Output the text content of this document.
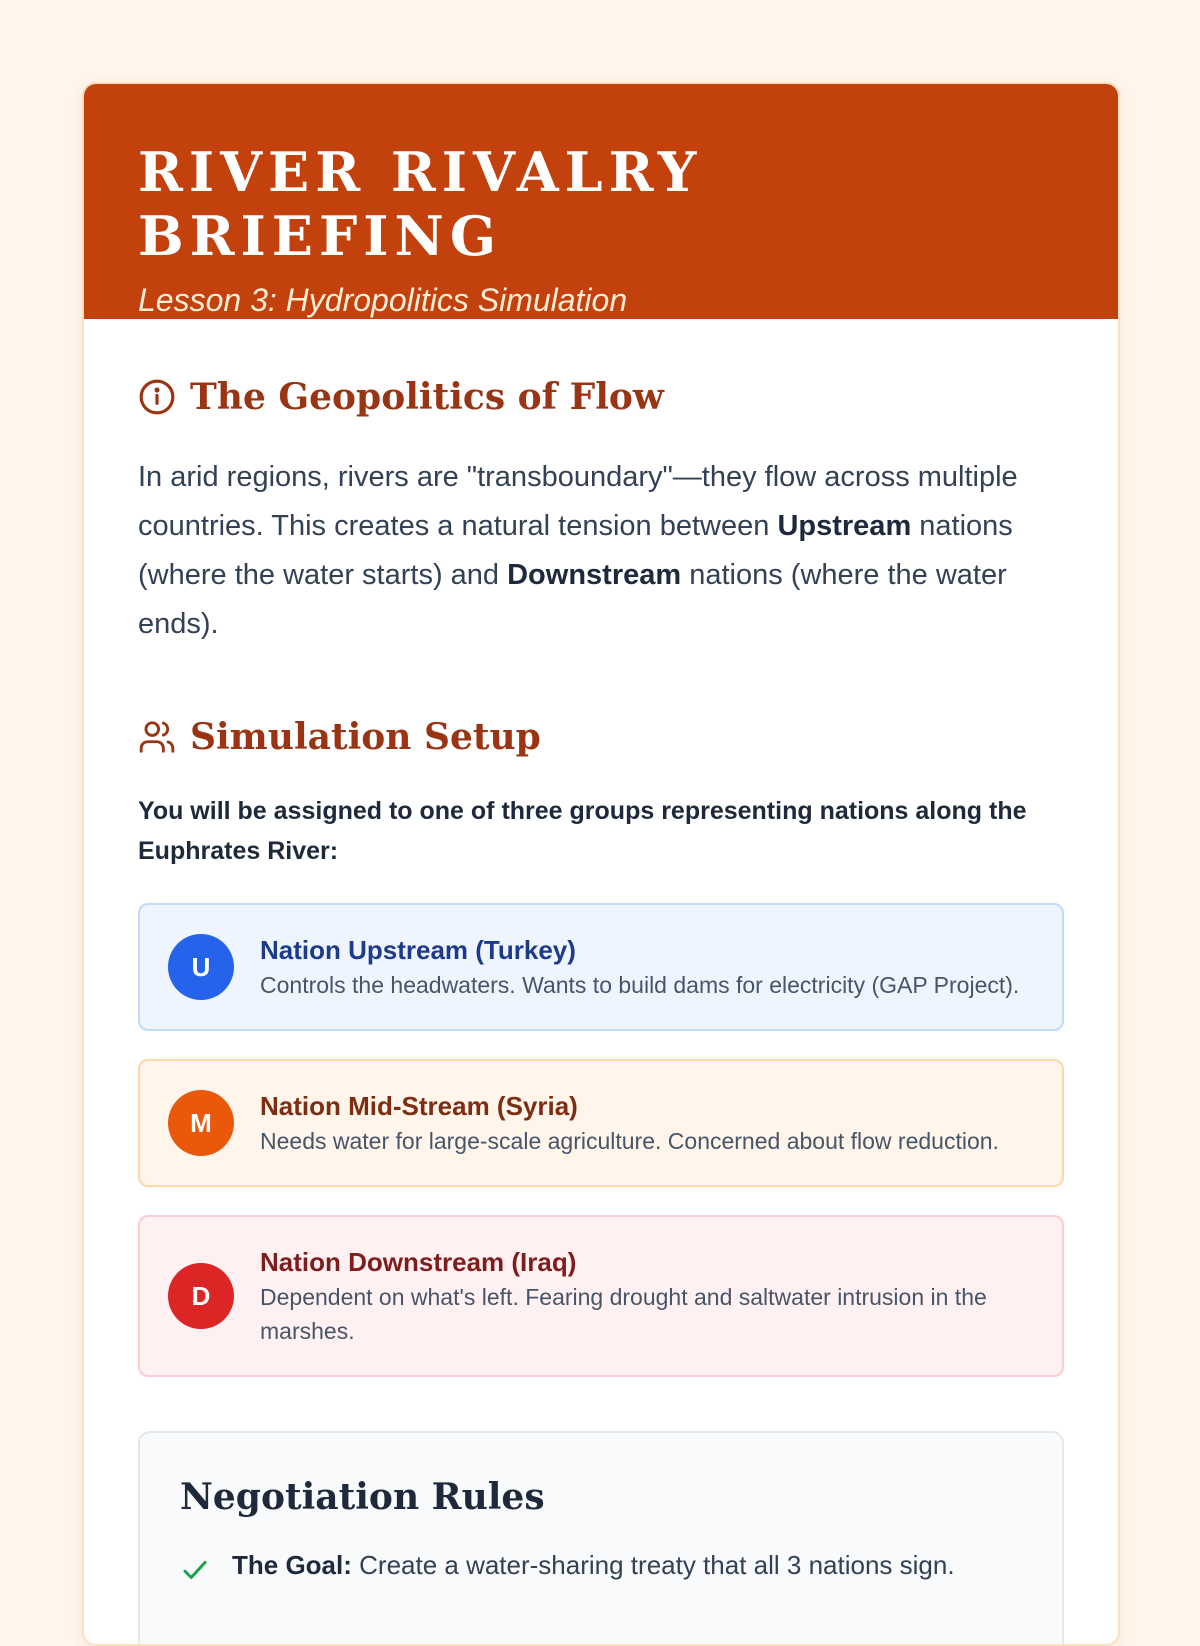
RIVER RIVALRY BRIEFING
Lesson 3: Hydropolitics Simulation
The Geopolitics of Flow

In arid regions, rivers are "transboundary"—they flow across multiple countries. This creates a natural tension between Upstream nations (where the water starts) and Downstream nations (where the water ends).

Simulation Setup

You will be assigned to one of three groups representing nations along the Euphrates River:

U
Nation Upstream (Turkey)
Controls the headwaters. Wants to build dams for electricity (GAP Project).
M
Nation Mid-Stream (Syria)
Needs water for large-scale agriculture. Concerned about flow reduction.
D
Nation Downstream (Iraq)
Dependent on what's left. Fearing drought and saltwater intrusion in the marshes.
Negotiation Rules
The Goal: Create a water-sharing treaty that all 3 nations sign.
